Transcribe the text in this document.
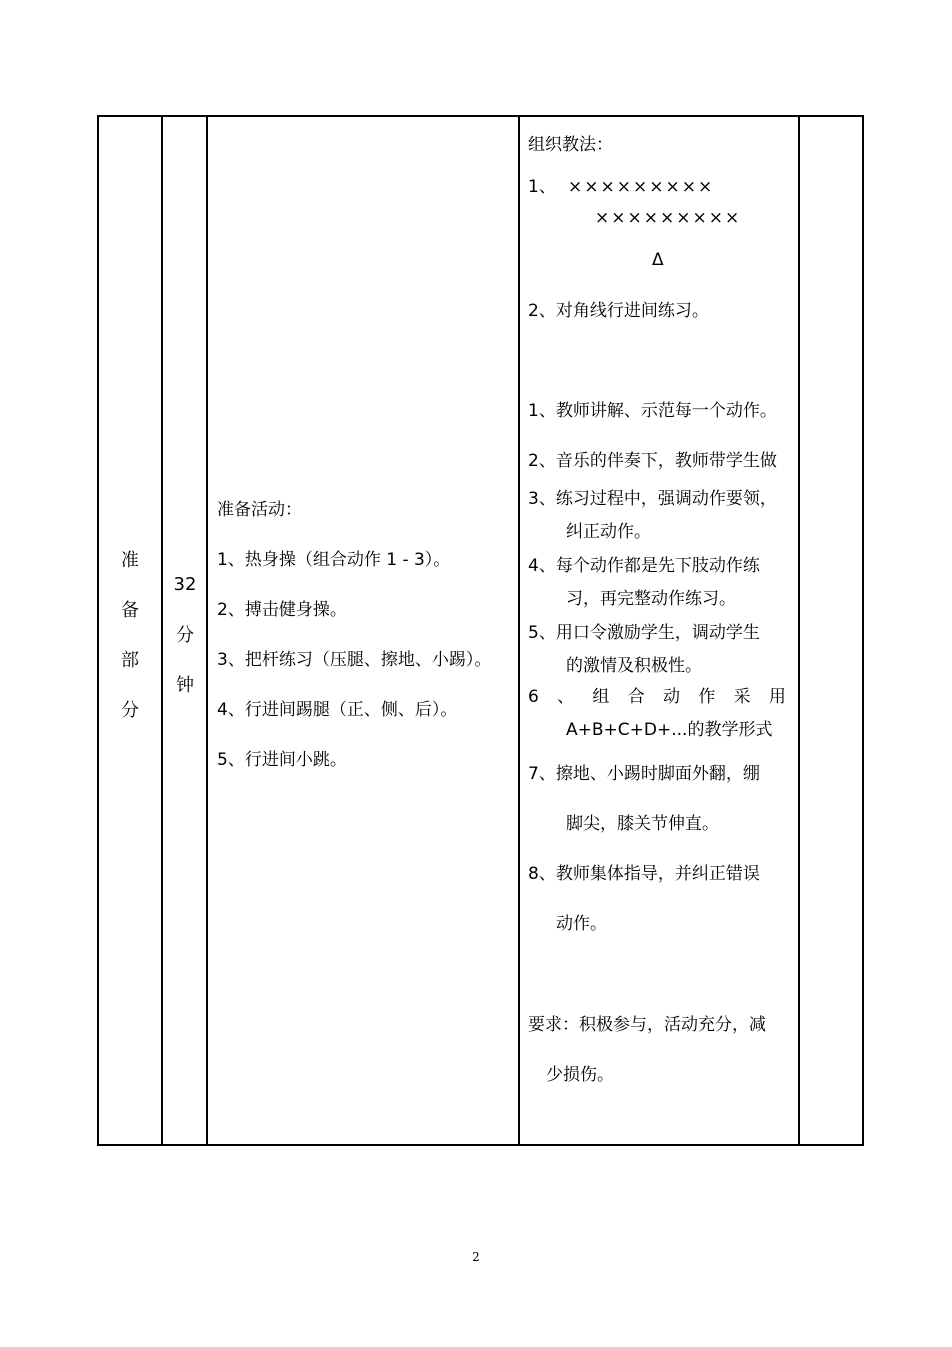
准
备
部
分
32
分
钟
准备活动：
1、热身操（组合动作 1 - 3）。
2、搏击健身操。
3、把杆练习（压腿、擦地、小踢）。
4、行进间踢腿（正、侧、后）。
5、行进间小跳。
组织教法：
1、 ×××××××××
×××××××××
Δ
2、对角线行进间练习。
1、教师讲解、示范每一个动作。
2、音乐的伴奏下，教师带学生做
3、练习过程中，强调动作要领，
纠正动作。
4、每个动作都是先下肢动作练
习，再完整动作练习。
5、用口令激励学生，调动学生
的激情及积极性。
6 、 组 合 动 作 采 用
A+B+C+D+...的教学形式
7、擦地、小踢时脚面外翻，绷
脚尖，膝关节伸直。
8、教师集体指导，并纠正错误
动作。
要求：积极参与，活动充分，减
少损伤。
2
